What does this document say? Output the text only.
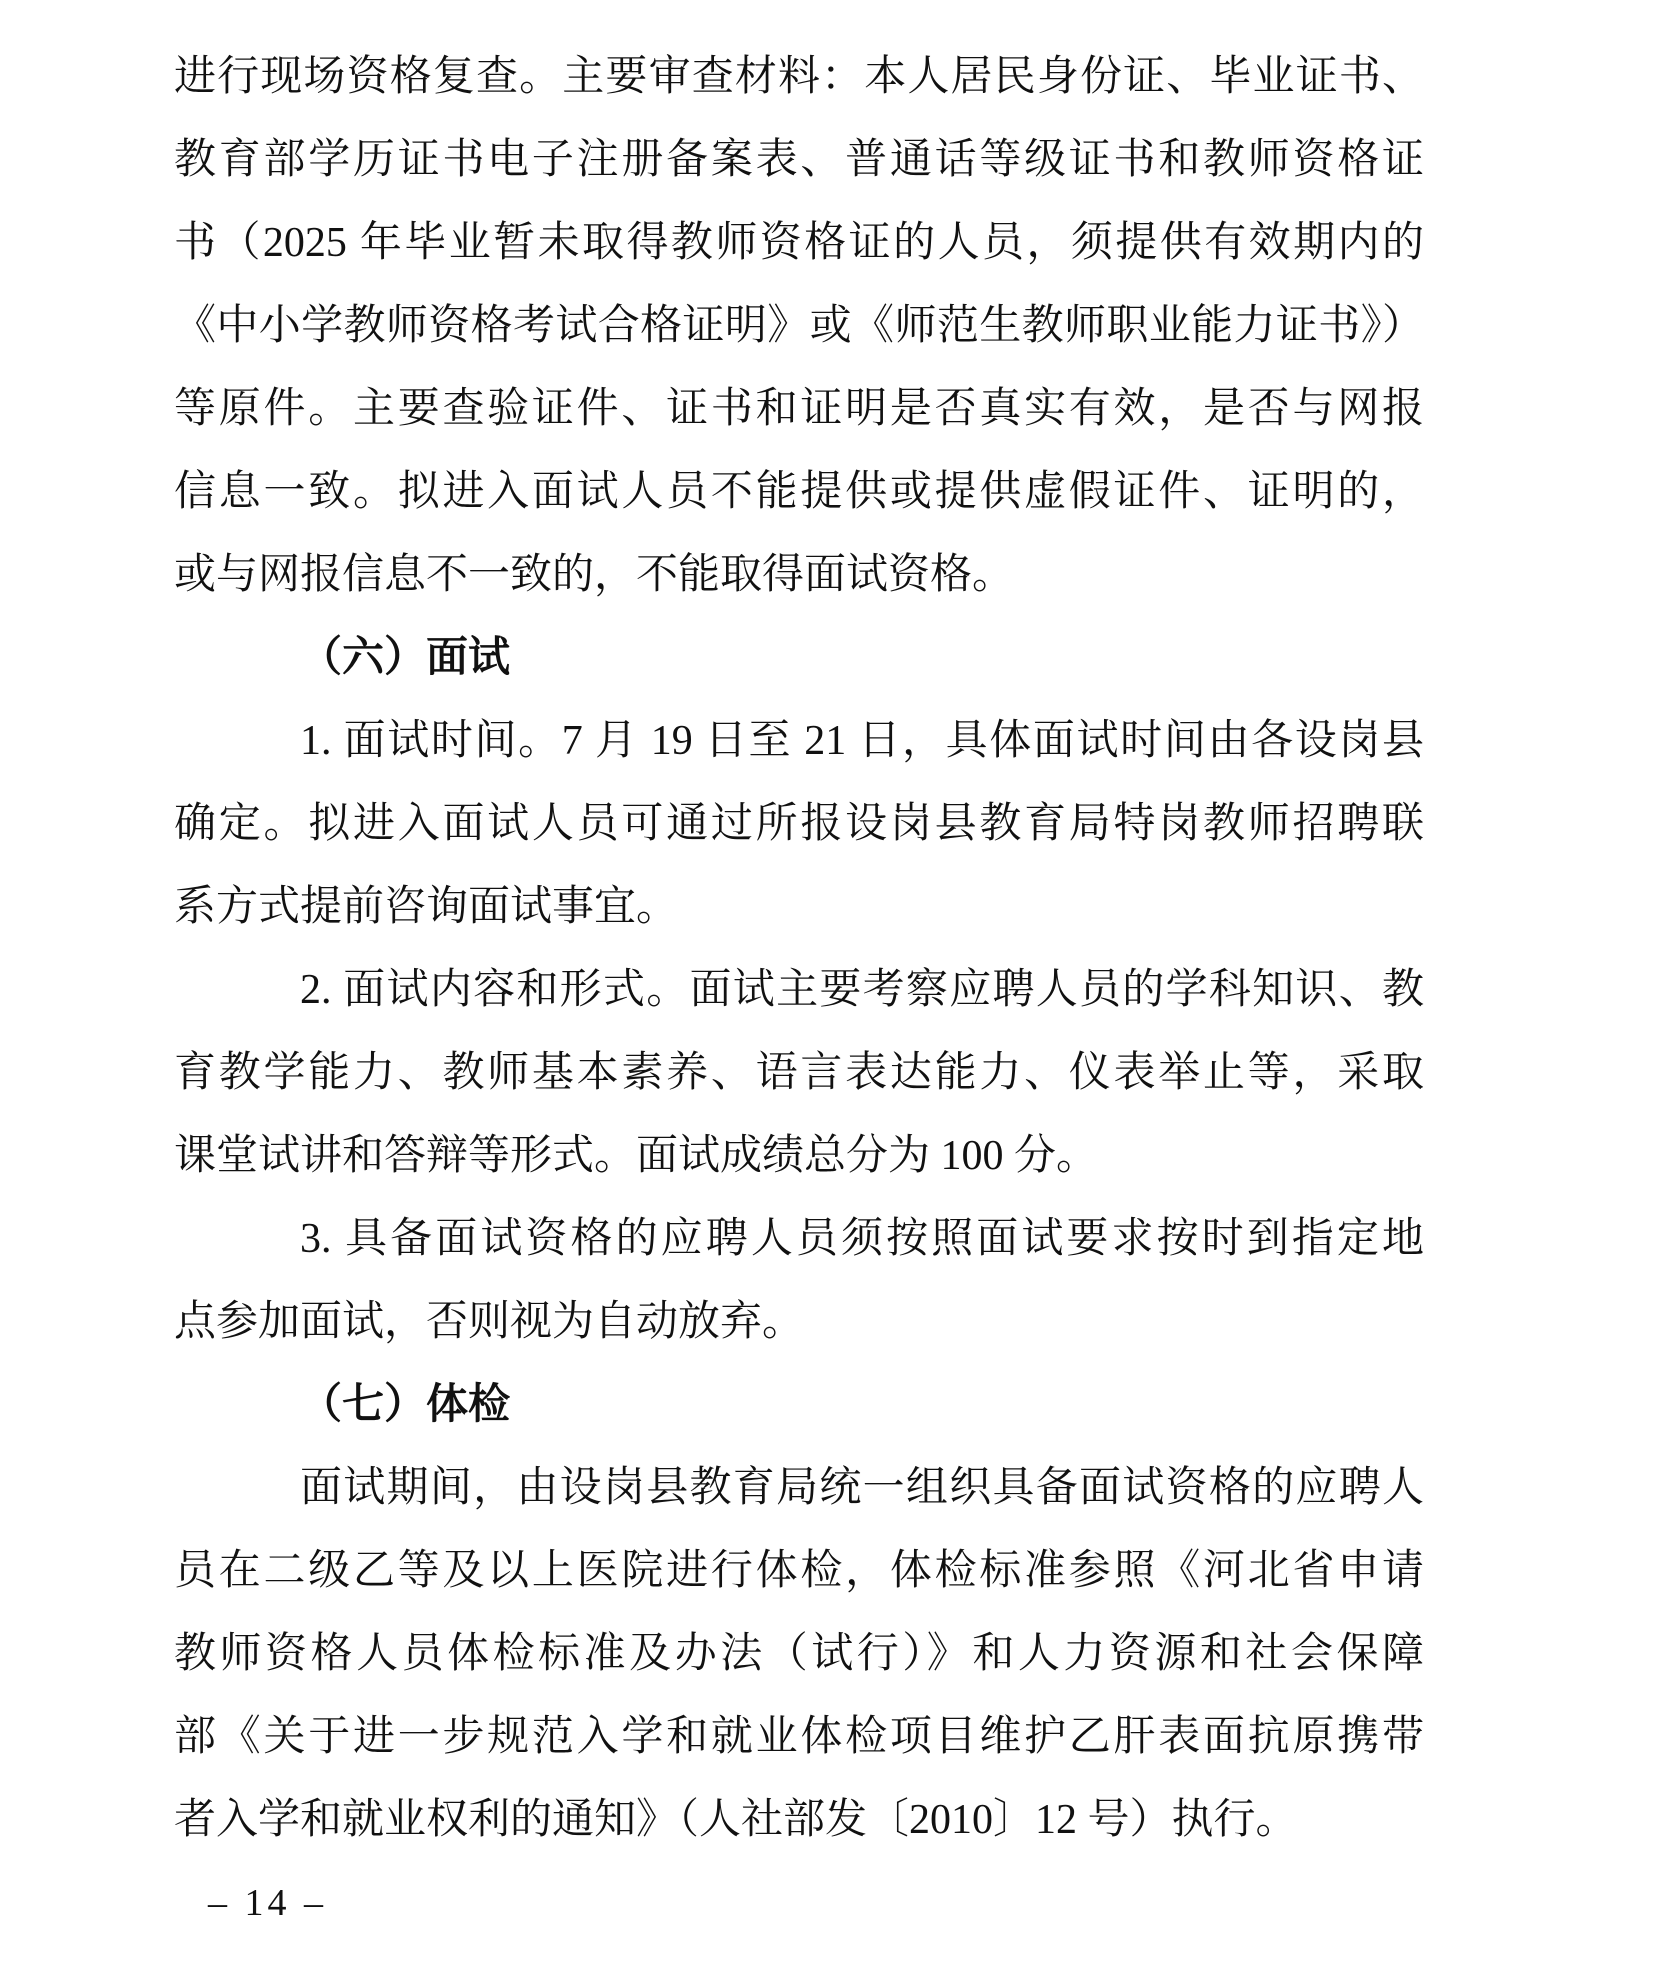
进行现场资格复查。主要审查材料：本人居民身份证、毕业证书、
教育部学历证书电子注册备案表、普通话等级证书和教师资格证
书（2025 年毕业暂未取得教师资格证的人员，须提供有效期内的
《中小学教师资格考试合格证明》或《师范生教师职业能力证书》）
等原件。主要查验证件、证书和证明是否真实有效，是否与网报
信息一致。拟进入面试人员不能提供或提供虚假证件、证明的，
或与网报信息不一致的，不能取得面试资格。
（六）面试
1. 面试时间。7 月 19 日至 21 日，具体面试时间由各设岗县
确定。拟进入面试人员可通过所报设岗县教育局特岗教师招聘联
系方式提前咨询面试事宜。
2. 面试内容和形式。面试主要考察应聘人员的学科知识、教
育教学能力、教师基本素养、语言表达能力、仪表举止等，采取
课堂试讲和答辩等形式。面试成绩总分为 100 分。
3. 具备面试资格的应聘人员须按照面试要求按时到指定地
点参加面试，否则视为自动放弃。
（七）体检
面试期间，由设岗县教育局统一组织具备面试资格的应聘人
员在二级乙等及以上医院进行体检，体检标准参照《河北省申请
教师资格人员体检标准及办法（试行）》和人力资源和社会保障
部《关于进一步规范入学和就业体检项目维护乙肝表面抗原携带
者入学和就业权利的通知》（人社部发〔2010〕12 号）执行。
– 14 –
